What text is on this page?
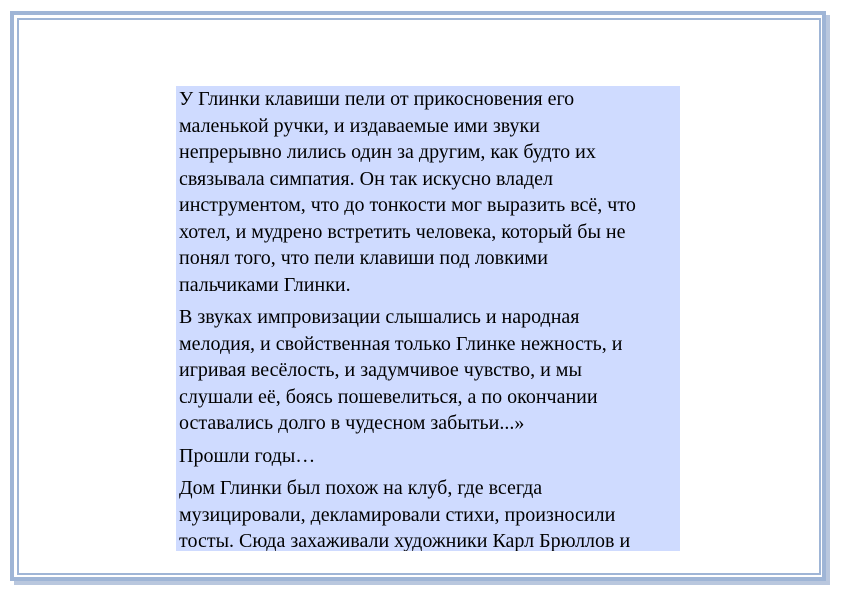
У Глинки клавиши пели от прикосновения его
маленькой ручки, и издаваемые ими звуки
непрерывно лились один за другим, как будто их
связывала симпатия. Он так искусно владел
инструментом, что до тонкости мог выразить всё, что
хотел, и мудрено встретить человека, который бы не
понял того, что пели клавиши под ловкими
пальчиками Глинки.

В звуках импровизации слышались и народная
мелодия, и свойственная только Глинке нежность, и
игривая весёлость, и задумчивое чувство, и мы
слушали её, боясь пошевелиться, а по окончании
оставались долго в чудесном забытьи...»

Прошли годы…

Дом Глинки был похож на клуб, где всегда
музицировали, декламировали стихи, произносили
тосты. Сюда захаживали художники Карл Брюллов и
